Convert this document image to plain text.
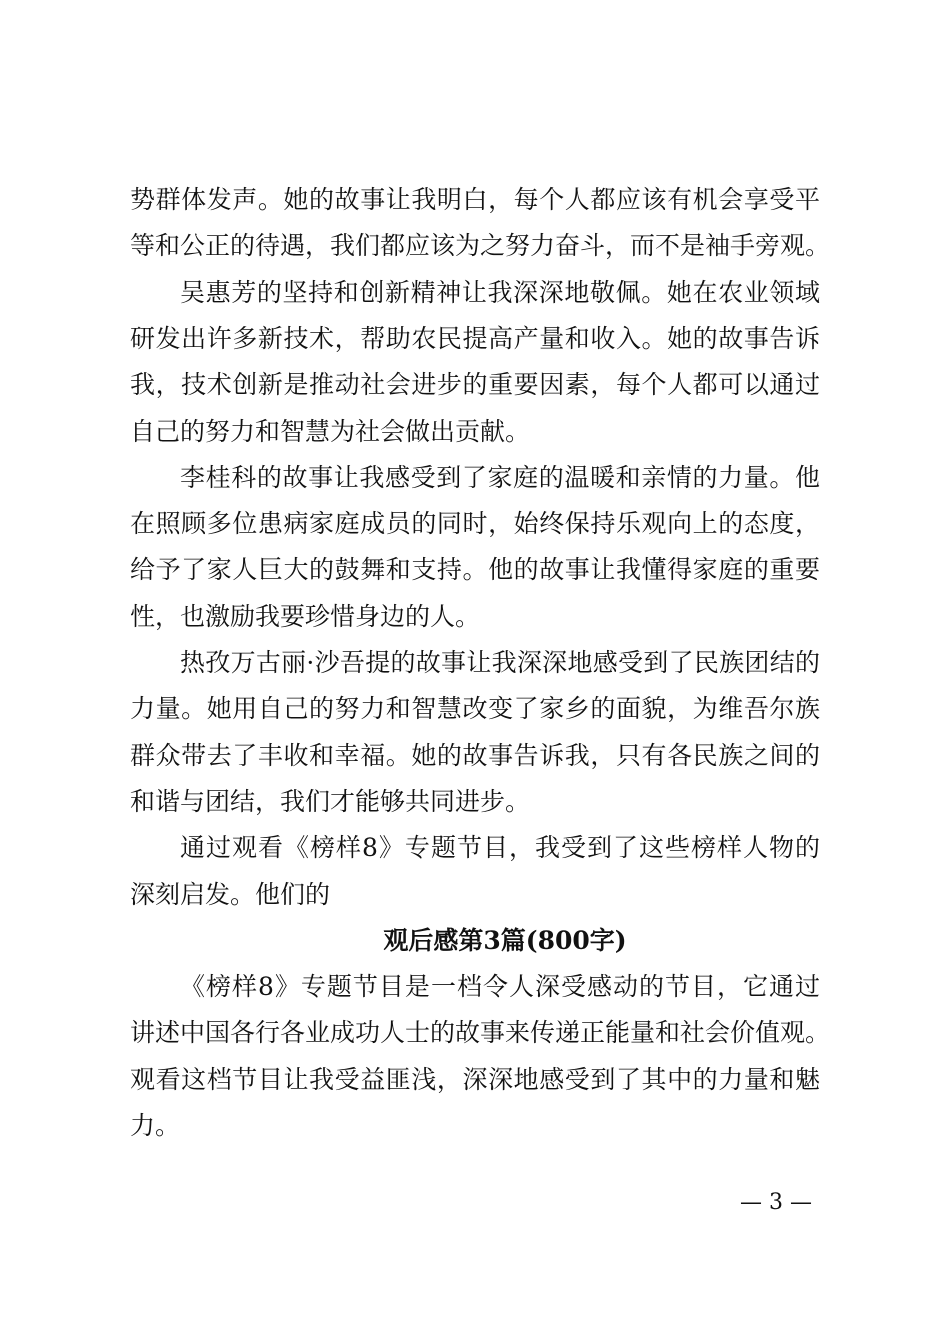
势群体发声。她的故事让我明白，每个人都应该有机会享受平
等和公正的待遇，我们都应该为之努力奋斗，而不是袖手旁观。
吴惠芳的坚持和创新精神让我深深地敬佩。她在农业领域
研发出许多新技术，帮助农民提高产量和收入。她的故事告诉
我，技术创新是推动社会进步的重要因素，每个人都可以通过
自己的努力和智慧为社会做出贡献。
李桂科的故事让我感受到了家庭的温暖和亲情的力量。他
在照顾多位患病家庭成员的同时，始终保持乐观向上的态度，
给予了家人巨大的鼓舞和支持。他的故事让我懂得家庭的重要
性，也激励我要珍惜身边的人。
热孜万古丽·沙吾提的故事让我深深地感受到了民族团结的
力量。她用自己的努力和智慧改变了家乡的面貌，为维吾尔族
群众带去了丰收和幸福。她的故事告诉我，只有各民族之间的
和谐与团结，我们才能够共同进步。
通过观看《榜样8》专题节目，我受到了这些榜样人物的
深刻启发。他们的
《榜样8》专题节目是一档令人深受感动的节目，它通过
讲述中国各行各业成功人士的故事来传递正能量和社会价值观。
观看这档节目让我受益匪浅，深深地感受到了其中的力量和魅
力。
观后感第3篇(800字)
— 3 —
